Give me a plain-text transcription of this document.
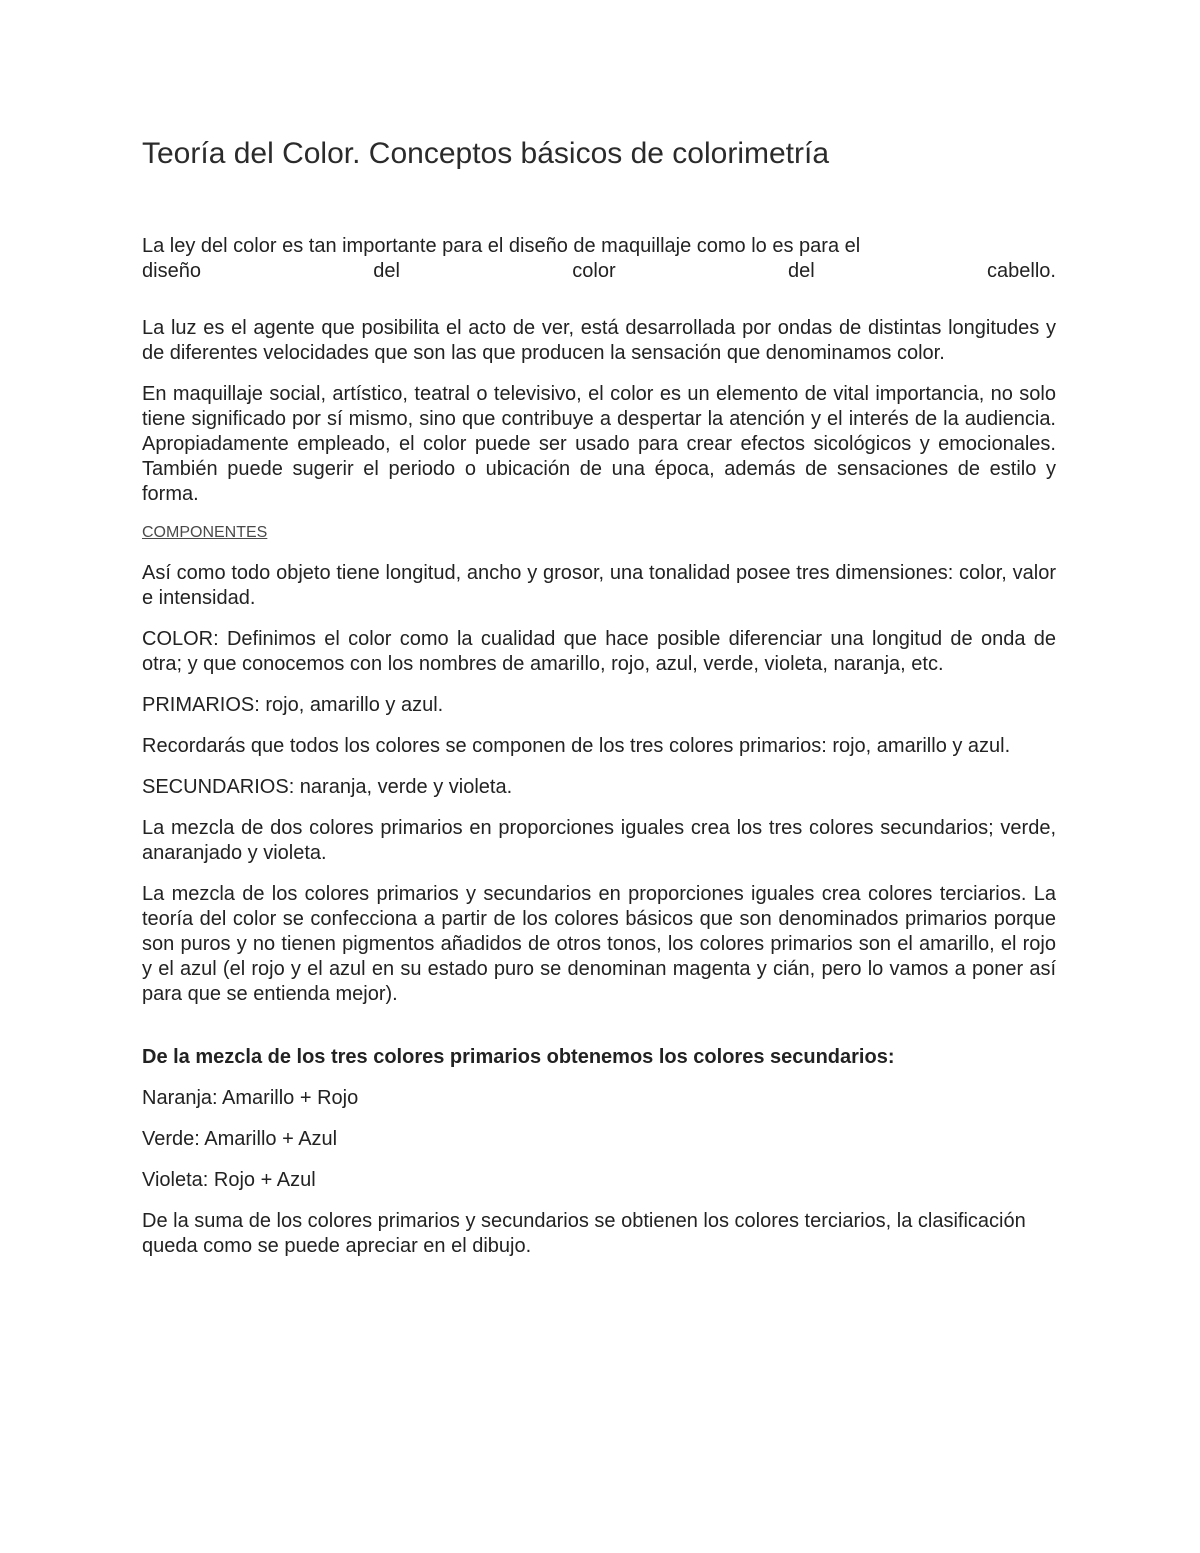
Teoría del Color. Conceptos básicos de colorimetría
La ley del color es tan importante para el diseño de maquillaje como lo es para el
diseño	del	color	del	cabello.

La luz es el agente que posibilita el acto de ver, está desarrollada por ondas de distintas longitudes y de diferentes velocidades que son las que producen la sensación que denominamos color.

En maquillaje social, artístico, teatral o televisivo, el color es un elemento de vital importancia, no solo tiene significado por sí mismo, sino que contribuye a despertar la atención y el interés de la audiencia. Apropiadamente empleado, el color puede ser usado para crear efectos sicológicos y emocionales. También puede sugerir el periodo o ubicación de una época, además de sensaciones de estilo y forma.

COMPONENTES

Así como todo objeto tiene longitud, ancho y grosor, una tonalidad posee tres dimensiones: color, valor e intensidad.

COLOR: Definimos el color como la cualidad que hace posible diferenciar una longitud de onda de otra; y que conocemos con los nombres de amarillo, rojo, azul, verde, violeta, naranja, etc.

PRIMARIOS: rojo, amarillo y azul.

Recordarás que todos los colores se componen de los tres colores primarios: rojo, amarillo y azul.

SECUNDARIOS: naranja, verde y violeta.

La mezcla de dos colores primarios en proporciones iguales crea los tres colores secundarios; verde, anaranjado y violeta.

La mezcla de los colores primarios y secundarios en proporciones iguales crea colores terciarios. La teoría del color se confecciona a partir de los colores básicos que son denominados primarios porque son puros y no tienen pigmentos añadidos de otros tonos, los colores primarios son el amarillo, el rojo y el azul (el rojo y el azul en su estado puro se denominan magenta y cián, pero lo vamos a poner así para que se entienda mejor).

De la mezcla de los tres colores primarios obtenemos los colores secundarios:

Naranja: Amarillo + Rojo

Verde: Amarillo + Azul

Violeta: Rojo + Azul

De la suma de los colores primarios y secundarios se obtienen los colores terciarios, la clasificación queda como se puede apreciar en el dibujo.
